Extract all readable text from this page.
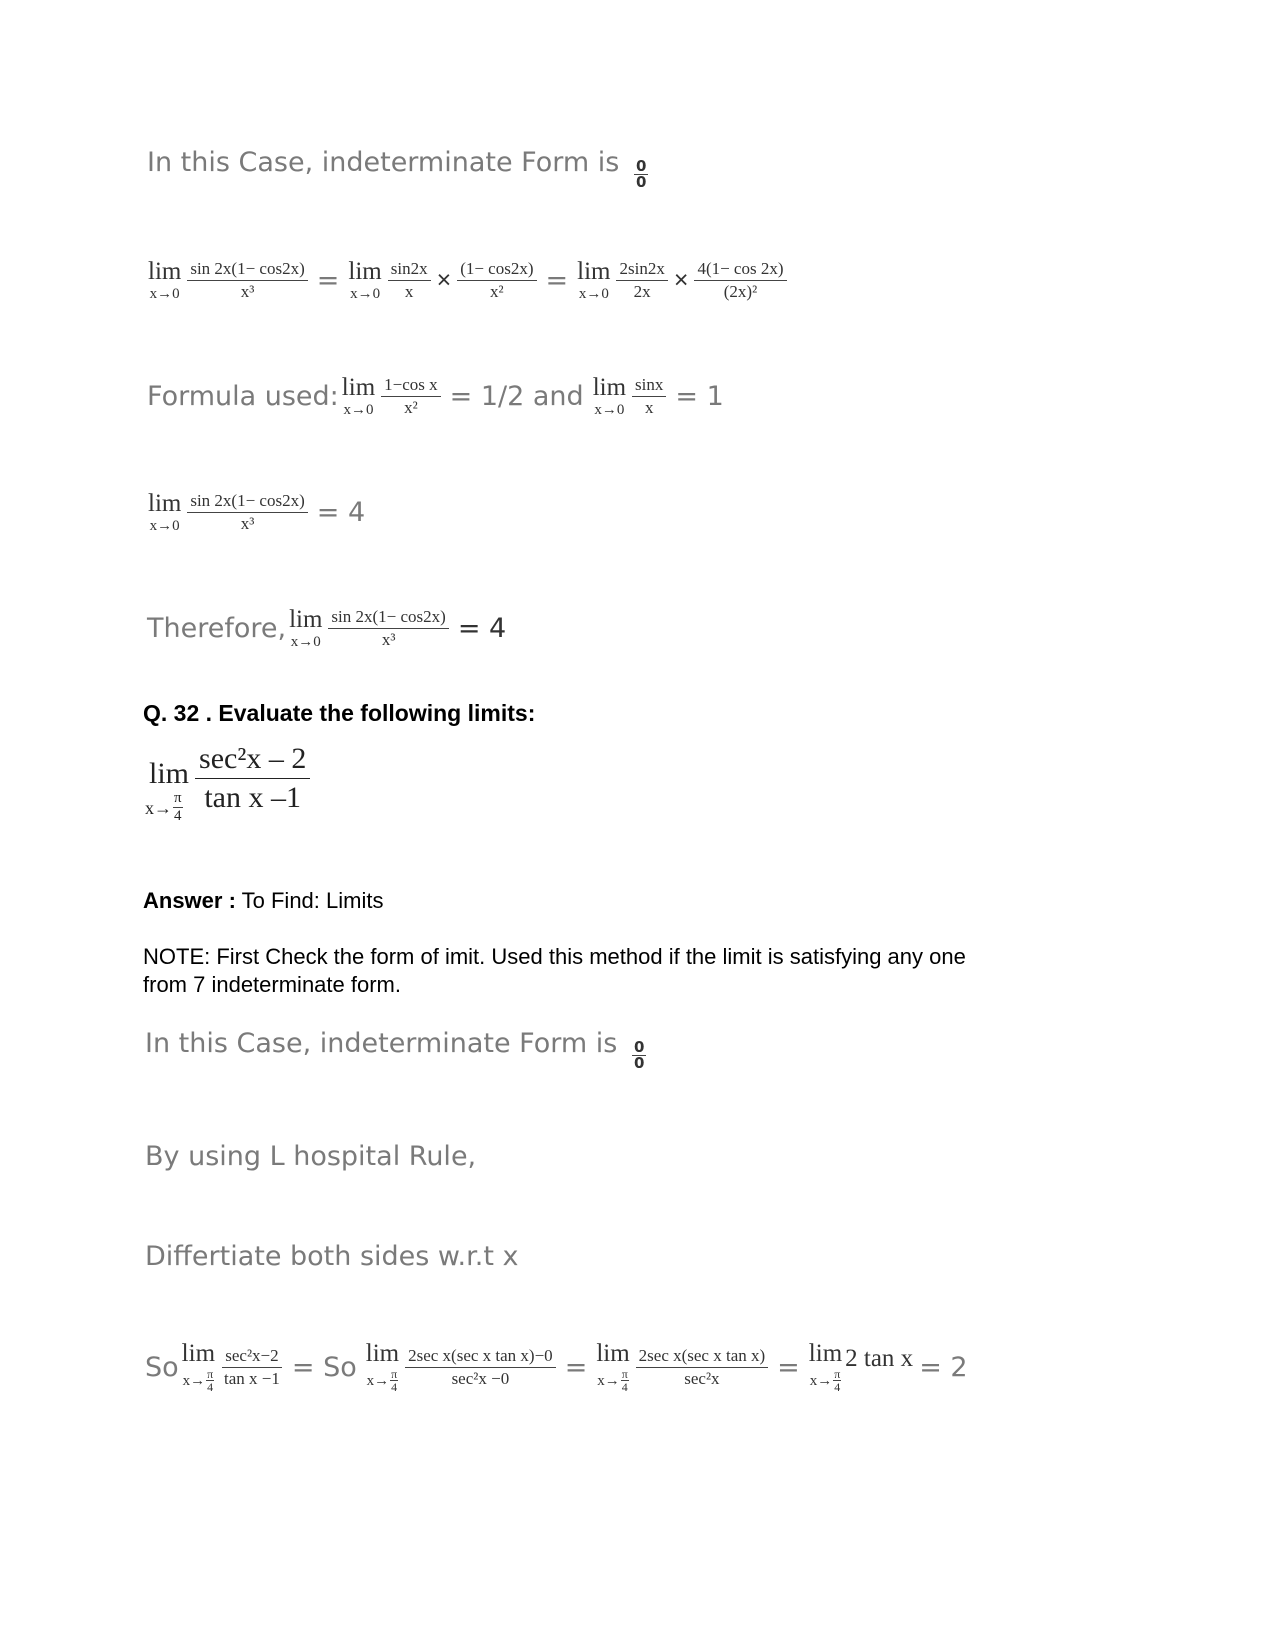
In this Case, indeterminate Form is $\frac{0}{0}$
lim
$x\to 0 \frac{\sin 2x(1- \cos 2x)}{\text{x³}} = \lim$
$x\to 0 \frac{\sin 2x}{x} \times \frac{(1- \cos 2x)}{\text{x²}} = \lim$
$x\to 0 \frac{2\sin 2x}{2x} \times \frac{4(1- \cos 2x)}{\text{(2x)²}}$
Formula used: lim
$x\to 0 \frac{\text{1−cos x}}{\text{x²}} = 1/2$ and lim
$x\to 0 \frac{\sin x}{x} = 1$
lim
$x\to 0 \frac{\sin 2x(1- \cos 2x)}{\text{x³}} = 4$
Therefore, lim
$x\to 0 \frac{\sin 2x(1- \cos 2x)}{\text{x³}} = 4$
Q. 32 . Evaluate the following limits:
lim
x→ π
$4 \frac{\text{sec²x – 2}}{\text{tan x –1}}$
Answer : To Find: Limits
NOTE: First Check the form of imit. Used this method if the limit is satisfying any one
from 7 indeterminate form.
In this Case, indeterminate Form is $\frac{0}{0}$
By using L hospital Rule,
Differtiate both sides w.r.t x
So lim
x→ π
$4 \frac{\text{sec²x−2}}{\text{tan x −1}} = So$ lim
x→ π
$4 \frac{\text{2sec x(sec x tan x)−0}}{\text{sec²x −0}} = \lim$
x→ π
$4 \frac{\text{2sec x(sec x tan x)}}{\text{sec²x}} = \lim$
x→ π
4
2 tan x = 2
